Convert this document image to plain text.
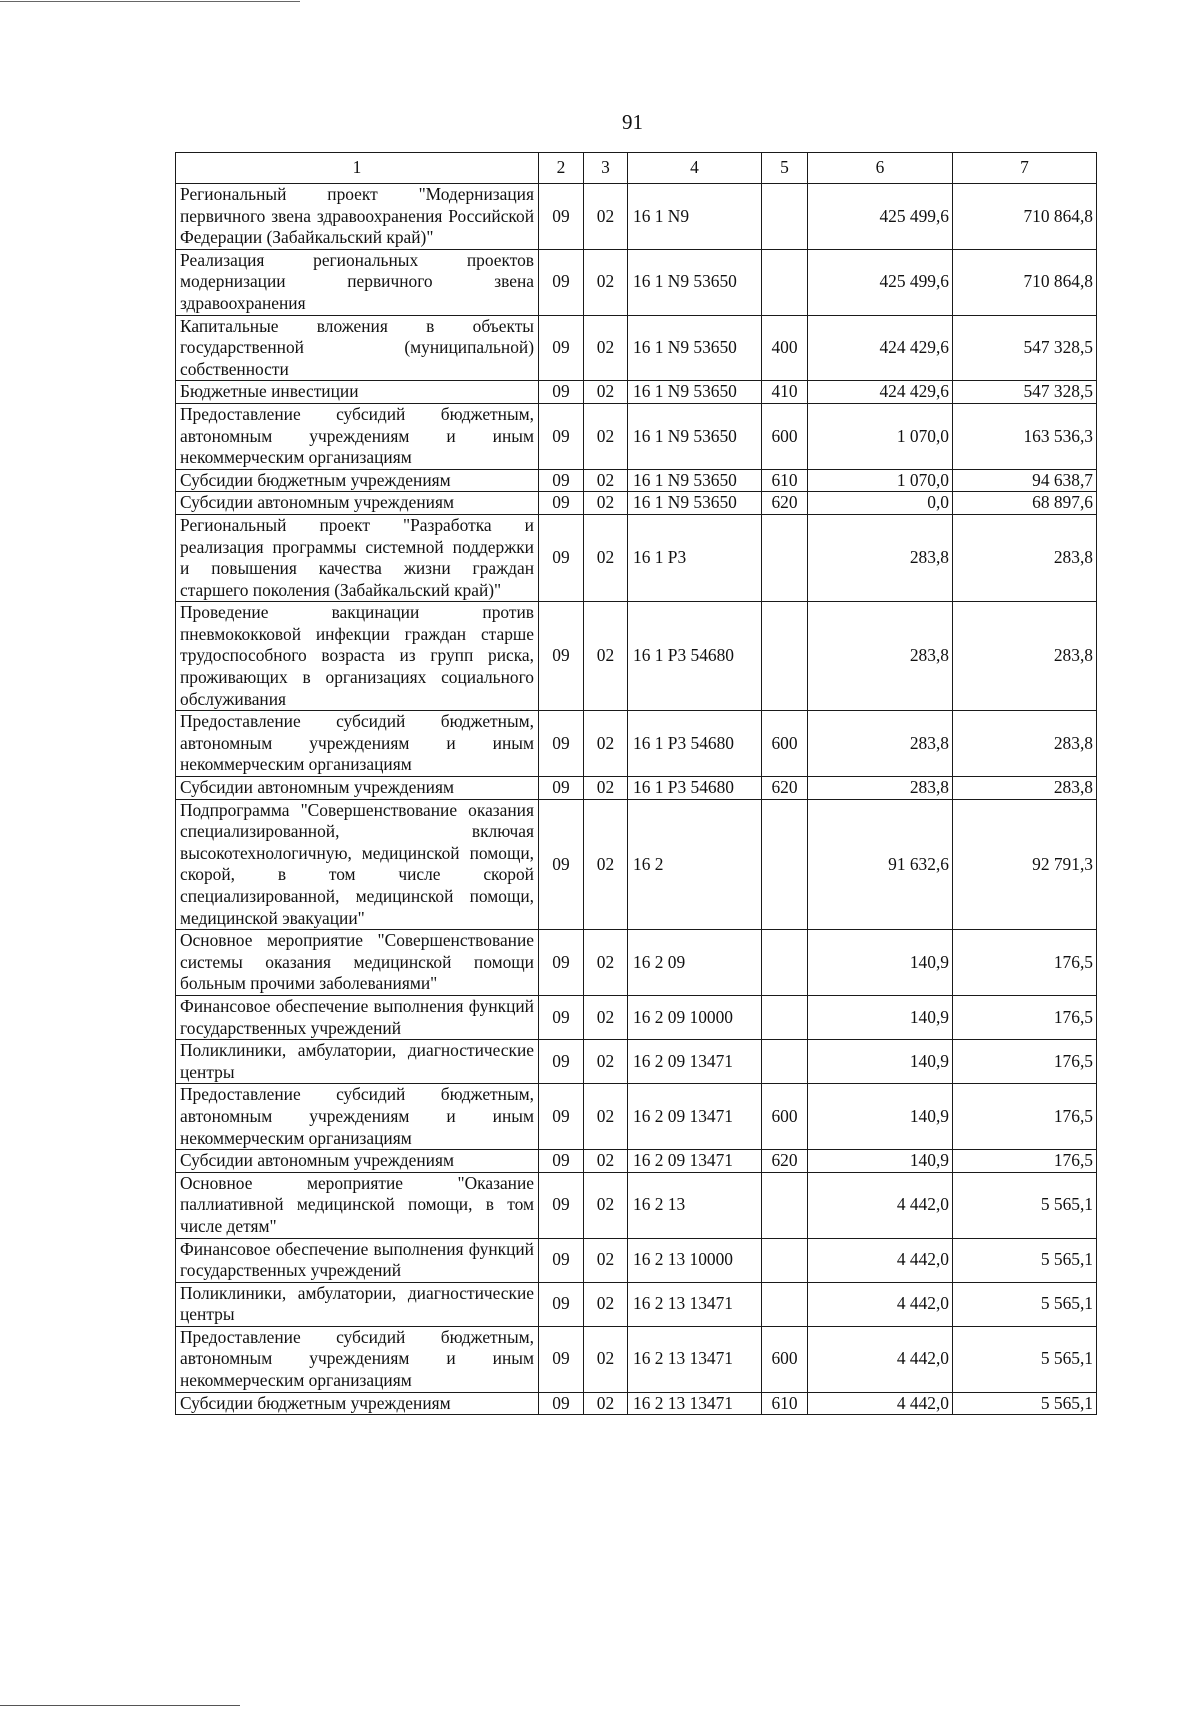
91
1	2	3	4	5	6	7
Региональный проект "Модернизация первичного звена здравоохранения Российской Федерации (Забайкальский край)"	09	02	16 1 N9		425 499,6	710 864,8
Реализация региональных проектов модернизации первичного звена здравоохранения	09	02	16 1 N9 53650		425 499,6	710 864,8
Капитальные вложения в объекты государственной (муниципальной) собственности	09	02	16 1 N9 53650	400	424 429,6	547 328,5
Бюджетные инвестиции	09	02	16 1 N9 53650	410	424 429,6	547 328,5
Предоставление субсидий бюджетным, автономным учреждениям и иным некоммерческим организациям	09	02	16 1 N9 53650	600	1 070,0	163 536,3
Субсидии бюджетным учреждениям	09	02	16 1 N9 53650	610	1 070,0	94 638,7
Субсидии автономным учреждениям	09	02	16 1 N9 53650	620	0,0	68 897,6
Региональный проект "Разработка и реализация программы системной поддержки и повышения качества жизни граждан старшего поколения (Забайкальский край)"	09	02	16 1 P3		283,8	283,8
Проведение вакцинации против пневмококковой инфекции граждан старше трудоспособного возраста из групп риска, проживающих в организациях социального обслуживания	09	02	16 1 P3 54680		283,8	283,8
Предоставление субсидий бюджетным, автономным учреждениям и иным некоммерческим организациям	09	02	16 1 P3 54680	600	283,8	283,8
Субсидии автономным учреждениям	09	02	16 1 P3 54680	620	283,8	283,8
Подпрограмма "Совершенствование оказания специализированной, включая высокотехнологичную, медицинской помощи, скорой, в том числе скорой специализированной, медицинской помощи, медицинской эвакуации"	09	02	16 2		91 632,6	92 791,3
Основное мероприятие "Совершенствование системы оказания медицинской помощи больным прочими заболеваниями"	09	02	16 2 09		140,9	176,5
Финансовое обеспечение выполнения функций государственных учреждений	09	02	16 2 09 10000		140,9	176,5
Поликлиники, амбулатории, диагностические центры	09	02	16 2 09 13471		140,9	176,5
Предоставление субсидий бюджетным, автономным учреждениям и иным некоммерческим организациям	09	02	16 2 09 13471	600	140,9	176,5
Субсидии автономным учреждениям	09	02	16 2 09 13471	620	140,9	176,5
Основное мероприятие "Оказание паллиативной медицинской помощи, в том числе детям"	09	02	16 2 13		4 442,0	5 565,1
Финансовое обеспечение выполнения функций государственных учреждений	09	02	16 2 13 10000		4 442,0	5 565,1
Поликлиники, амбулатории, диагностические центры	09	02	16 2 13 13471		4 442,0	5 565,1
Предоставление субсидий бюджетным, автономным учреждениям и иным некоммерческим организациям	09	02	16 2 13 13471	600	4 442,0	5 565,1
Субсидии бюджетным учреждениям	09	02	16 2 13 13471	610	4 442,0	5 565,1
